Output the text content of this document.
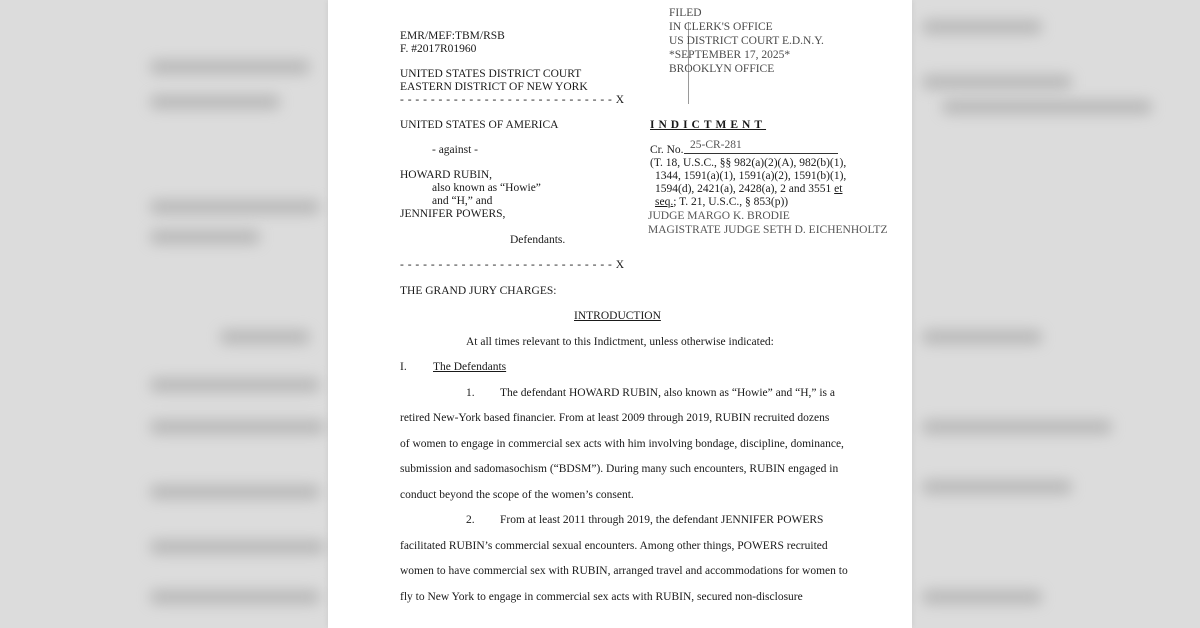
EMR/MEF:TBM/RSB
F. #2017R01960
FILED
IN CLERK'S OFFICE
US DISTRICT COURT E.D.N.Y.
*SEPTEMBER 17, 2025*
BROOKLYN OFFICE
UNITED STATES DISTRICT COURT
EASTERN DISTRICT OF NEW YORK
- - - - - - - - - - - - - - - - - - - - - - - - - - - - X
UNITED STATES OF AMERICA
- against -
HOWARD RUBIN,
also known as “Howie”
and “H,” and
JENNIFER POWERS,
Defendants.
- - - - - - - - - - - - - - - - - - - - - - - - - - - - X
INDICTMENT
Cr. No. 25-CR-281
(T. 18, U.S.C., §§ 982(a)(2)(A), 982(b)(1),
1344, 1591(a)(1), 1591(a)(2), 1591(b)(1),
1594(d), 2421(a), 2428(a), 2 and 3551 et
seq.; T. 21, U.S.C., § 853(p))
JUDGE MARGO K. BRODIE
MAGISTRATE JUDGE SETH D. EICHENHOLTZ
THE GRAND JURY CHARGES:
INTRODUCTION
At all times relevant to this Indictment, unless otherwise indicated:
I. The Defendants
1. The defendant HOWARD RUBIN, also known as “Howie” and “H,” is a
retired New-York based financier. From at least 2009 through 2019, RUBIN recruited dozens
of women to engage in commercial sex acts with him involving bondage, discipline, dominance,
submission and sadomasochism (“BDSM”). During many such encounters, RUBIN engaged in
conduct beyond the scope of the women’s consent.
2. From at least 2011 through 2019, the defendant JENNIFER POWERS
facilitated RUBIN’s commercial sexual encounters. Among other things, POWERS recruited
women to have commercial sex with RUBIN, arranged travel and accommodations for women to
fly to New York to engage in commercial sex acts with RUBIN, secured non-disclosure
